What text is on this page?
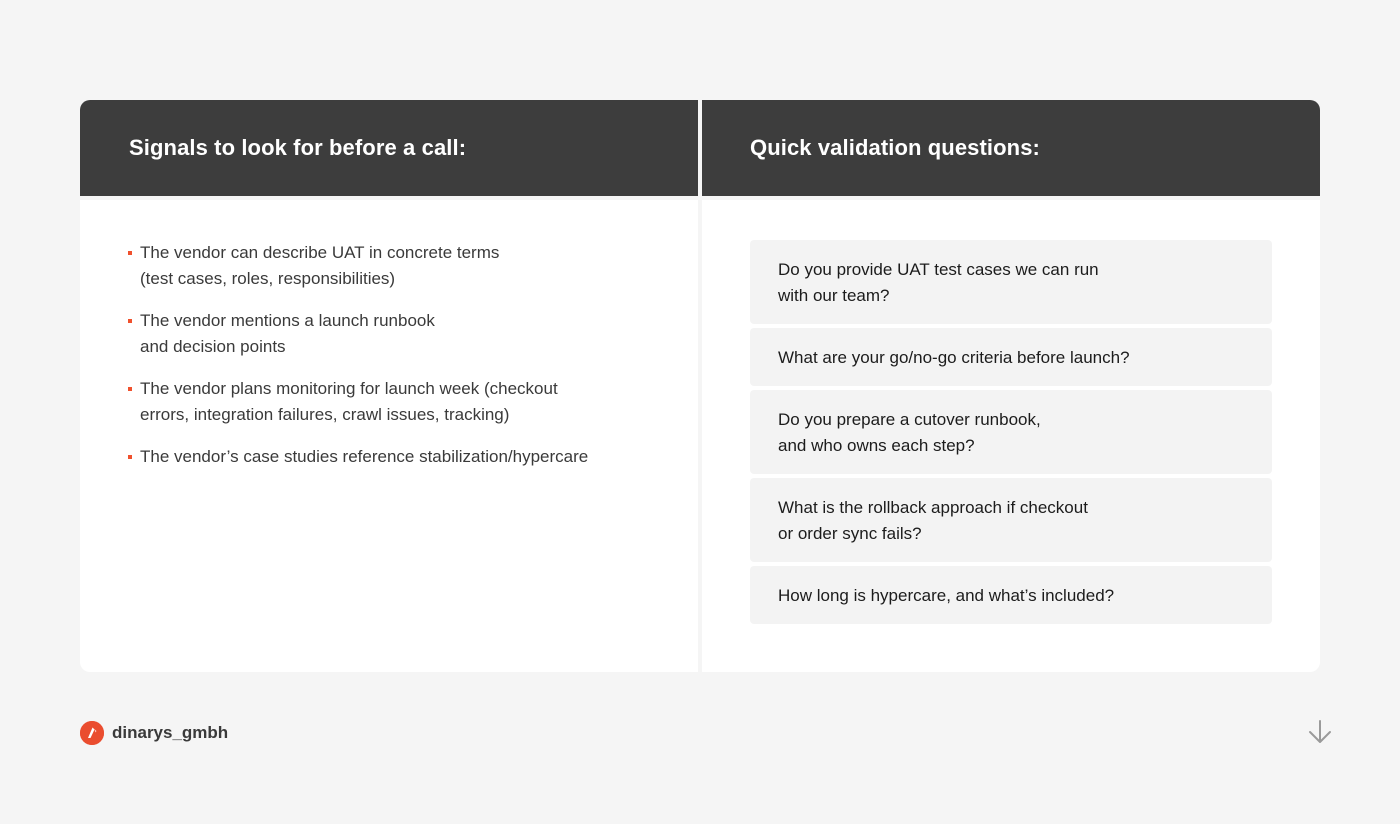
Signals to look for before a call:
The vendor can describe UAT in concrete terms
(test cases, roles, responsibilities)
The vendor mentions a launch runbook
and decision points
The vendor plans monitoring for launch week (checkout
errors, integration failures, crawl issues, tracking)
The vendor’s case studies reference stabilization/hypercare
Quick validation questions:
Do you provide UAT test cases we can run
with our team?
What are your go/no-go criteria before launch?
Do you prepare a cutover runbook,
and who owns each step?
What is the rollback approach if checkout
or order sync fails?
How long is hypercare, and what’s included?
dinarys_gmbh
